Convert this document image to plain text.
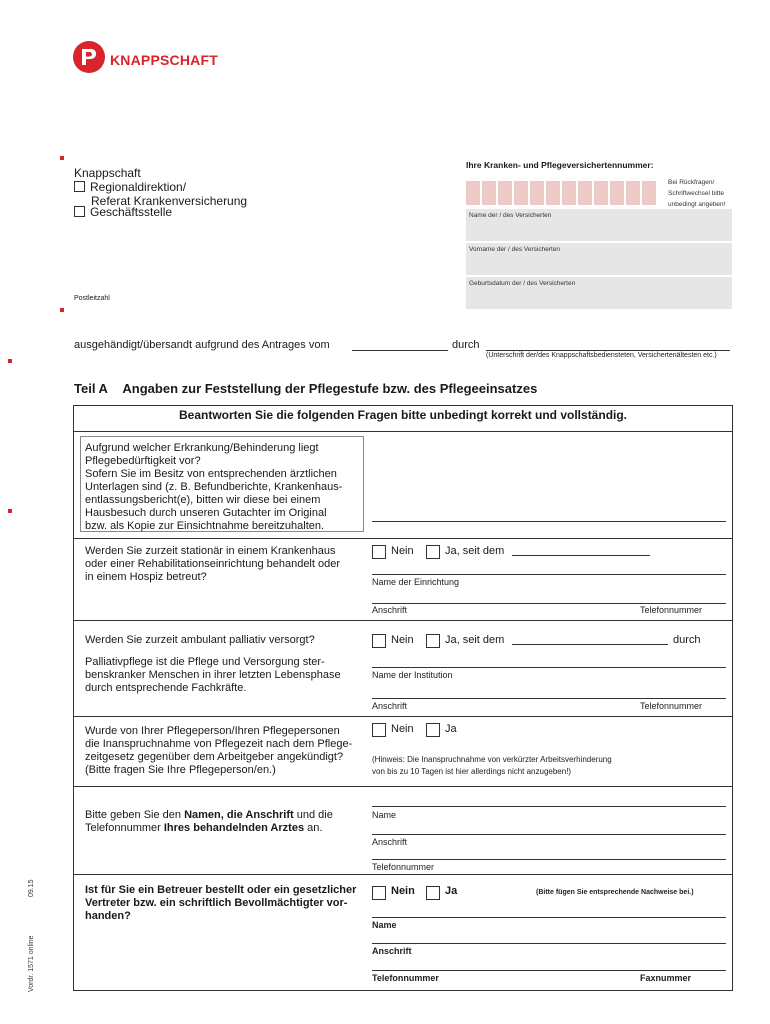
KNAPPSCHAFT
Knappschaft
Regionaldirektion/
Referat Krankenversicherung
Geschäftsstelle
Postleitzahl
Ihre Kranken- und Pflegeversichertennummer:
Bei Rückfragen/
Schriftwechsel bitte
unbedingt angeben!
Name der / des Versicherten
Vorname der / des Versicherten
Geburtsdatum der / des Versicherten
ausgehändigt/übersandt aufgrund des Antrages vom	durch
(Unterschrift der/des Knappschaftsbediensteten, Versichertenältesten etc.)
Teil A Angaben zur Feststellung der Pflegestufe bzw. des Pflegeeinsatzes
Beantworten Sie die folgenden Fragen bitte unbedingt korrekt und vollständig.
Aufgrund welcher Erkrankung/Behinderung liegt
Pflegebedürftigkeit vor?
Sofern Sie im Besitz von entsprechenden ärztlichen
Unterlagen sind (z. B. Befundberichte, Krankenhaus-
entlassungsbericht(e), bitten wir diese bei einem
Hausbesuch durch unseren Gutachter im Original
bzw. als Kopie zur Einsichtnahme bereitzuhalten.
Werden Sie zurzeit stationär in einem Krankenhaus
oder einer Rehabilitationseinrichtung behandelt oder
in einem Hospiz betreut?
Nein	Ja, seit dem
Name der Einrichtung
Anschrift	Telefonnummer
Werden Sie zurzeit ambulant palliativ versorgt?
Palliativpflege ist die Pflege und Versorgung ster-
benskranker Menschen in ihrer letzten Lebensphase
durch entsprechende Fachkräfte.
Nein	Ja, seit dem	durch
Name der Institution
Anschrift	Telefonnummer
Wurde von Ihrer Pflegeperson/Ihren Pflegepersonen
die Inanspruchnahme von Pflegezeit nach dem Pflege-
zeitgesetz gegenüber dem Arbeitgeber angekündigt?
(Bitte fragen Sie Ihre Pflegeperson/en.)
Nein	Ja
(Hinweis: Die Inanspruchnahme von verkürzter Arbeitsverhinderung
von bis zu 10 Tagen ist hier allerdings nicht anzugeben!)
Bitte geben Sie den Namen, die Anschrift und die
Telefonnummer Ihres behandelnden Arztes an.
Name
Anschrift
Telefonnummer
Ist für Sie ein Betreuer bestellt oder ein gesetzlicher
Vertreter bzw. ein schriftlich Bevollmächtigter vor-
handen?
Nein	Ja	(Bitte fügen Sie entsprechende Nachweise bei.)
Name
Anschrift
Telefonnummer	Faxnummer
Vordr. 1571 online
09.15
